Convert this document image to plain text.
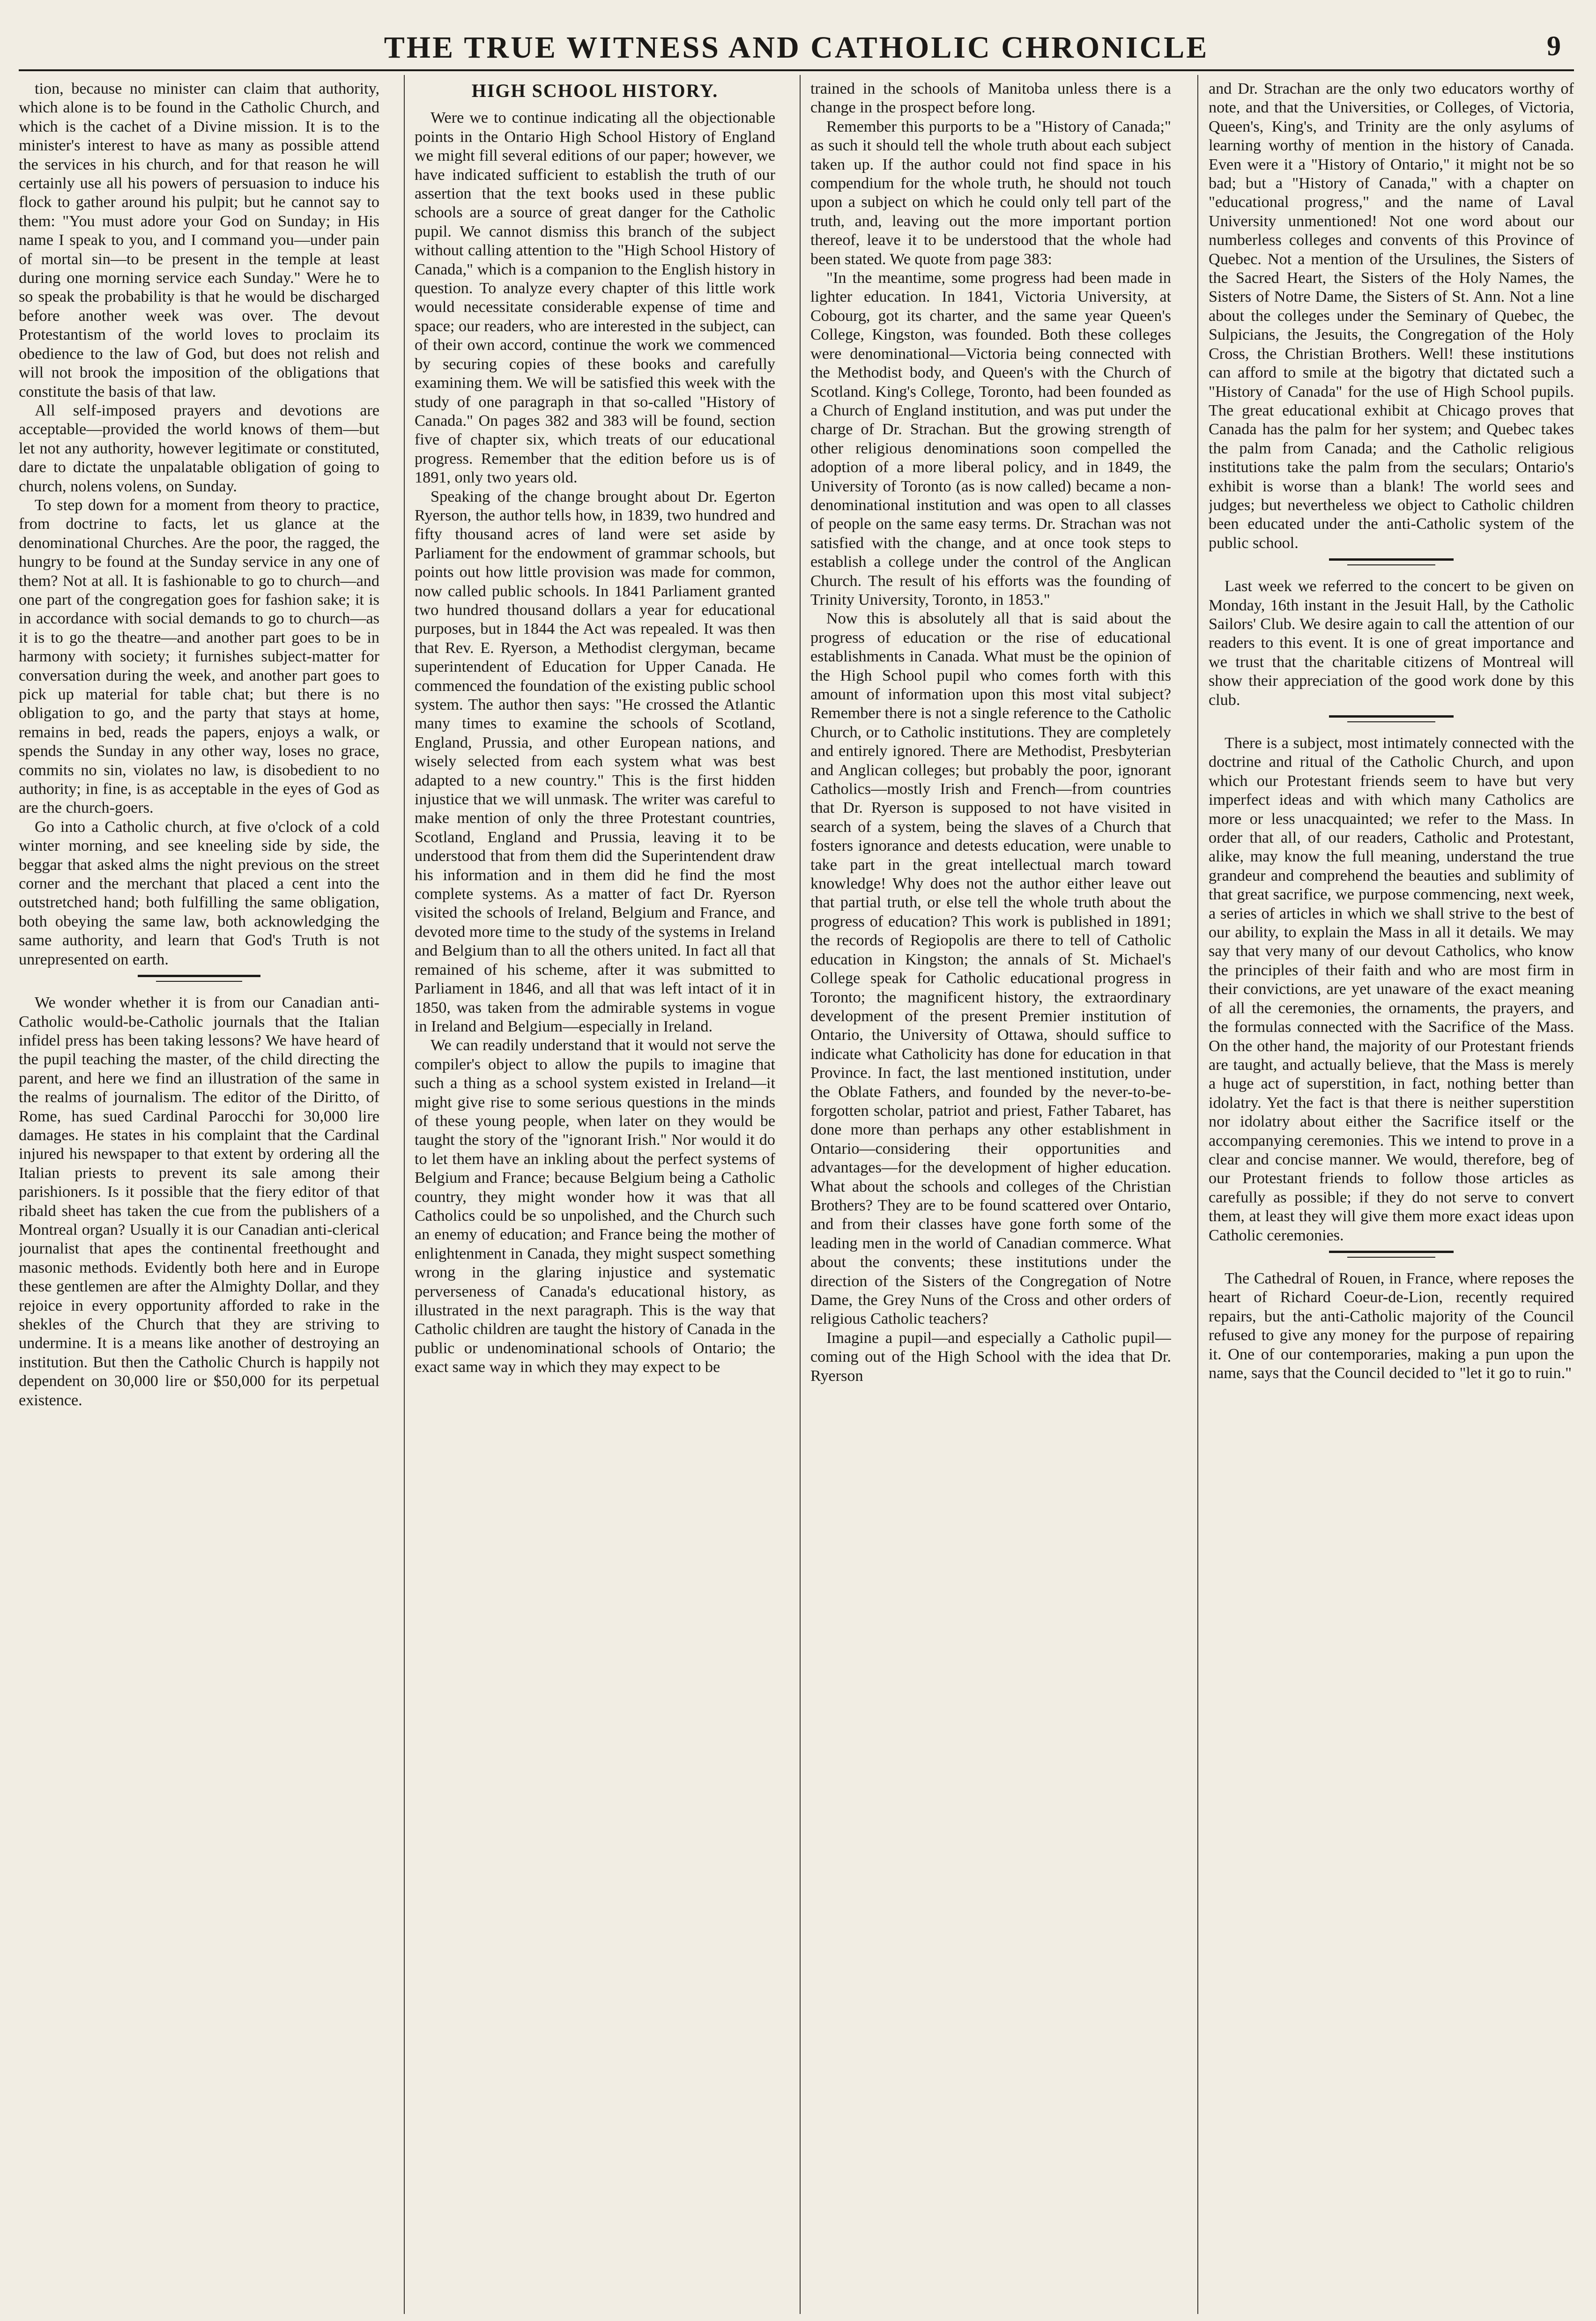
THE TRUE WITNESS AND CATHOLIC CHRONICLE	9

tion, because no minister can claim that authority, which alone is to be found in the Catholic Church, and which is the cachet of a Divine mission. It is to the minister's interest to have as many as possible attend the services in his church, and for that reason he will certainly use all his powers of persuasion to induce his flock to gather around his pulpit; but he cannot say to them: "You must adore your God on Sunday; in His name I speak to you, and I command you—under pain of mortal sin—to be present in the temple at least during one morning service each Sunday." Were he to so speak the probability is that he would be discharged before another week was over. The devout Protestantism of the world loves to proclaim its obedience to the law of God, but does not relish and will not brook the imposition of the obligations that constitute the basis of that law.

All self-imposed prayers and devotions are acceptable—provided the world knows of them—but let not any authority, however legitimate or constituted, dare to dictate the unpalatable obligation of going to church, nolens volens, on Sunday.

To step down for a moment from theory to practice, from doctrine to facts, let us glance at the denominational Churches. Are the poor, the ragged, the hungry to be found at the Sunday service in any one of them? Not at all. It is fashionable to go to church—and one part of the congregation goes for fashion sake; it is in accordance with social demands to go to church—as it is to go the theatre—and another part goes to be in harmony with society; it furnishes subject-matter for conversation during the week, and another part goes to pick up material for table chat; but there is no obligation to go, and the party that stays at home, remains in bed, reads the papers, enjoys a walk, or spends the Sunday in any other way, loses no grace, commits no sin, violates no law, is disobedient to no authority; in fine, is as acceptable in the eyes of God as are the church-goers.

Go into a Catholic church, at five o'clock of a cold winter morning, and see kneeling side by side, the beggar that asked alms the night previous on the street corner and the merchant that placed a cent into the outstretched hand; both fulfilling the same obligation, both obeying the same law, both acknowledging the same authority, and learn that God's Truth is not unrepresented on earth.

We wonder whether it is from our Canadian anti-Catholic would-be-Catholic journals that the Italian infidel press has been taking lessons? We have heard of the pupil teaching the master, of the child directing the parent, and here we find an illustration of the same in the realms of journalism. The editor of the Diritto, of Rome, has sued Cardinal Parocchi for 30,000 lire damages. He states in his complaint that the Cardinal injured his newspaper to that extent by ordering all the Italian priests to prevent its sale among their parishioners. Is it possible that the fiery editor of that ribald sheet has taken the cue from the publishers of a Montreal organ? Usually it is our Canadian anti-clerical journalist that apes the continental freethought and masonic methods. Evidently both here and in Europe these gentlemen are after the Almighty Dollar, and they rejoice in every opportunity afforded to rake in the shekles of the Church that they are striving to undermine. It is a means like another of destroying an institution. But then the Catholic Church is happily not dependent on 30,000 lire or $50,000 for its perpetual existence.

HIGH SCHOOL HISTORY.

Were we to continue indicating all the objectionable points in the Ontario High School History of England we might fill several editions of our paper; however, we have indicated sufficient to establish the truth of our assertion that the text books used in these public schools are a source of great danger for the Catholic pupil. We cannot dismiss this branch of the subject without calling attention to the "High School History of Canada," which is a companion to the English history in question. To analyze every chapter of this little work would necessitate considerable expense of time and space; our readers, who are interested in the subject, can of their own accord, continue the work we commenced by securing copies of these books and carefully examining them. We will be satisfied this week with the study of one paragraph in that so-called "History of Canada." On pages 382 and 383 will be found, section five of chapter six, which treats of our educational progress. Remember that the edition before us is of 1891, only two years old.

Speaking of the change brought about Dr. Egerton Ryerson, the author tells how, in 1839, two hundred and fifty thousand acres of land were set aside by Parliament for the endowment of grammar schools, but points out how little provision was made for common, now called public schools. In 1841 Parliament granted two hundred thousand dollars a year for educational purposes, but in 1844 the Act was repealed. It was then that Rev. E. Ryerson, a Methodist clergyman, became superintendent of Education for Upper Canada. He commenced the foundation of the existing public school system. The author then says: "He crossed the Atlantic many times to examine the schools of Scotland, England, Prussia, and other European nations, and wisely selected from each system what was best adapted to a new country." This is the first hidden injustice that we will unmask. The writer was careful to make mention of only the three Protestant countries, Scotland, England and Prussia, leaving it to be understood that from them did the Superintendent draw his information and in them did he find the most complete systems. As a matter of fact Dr. Ryerson visited the schools of Ireland, Belgium and France, and devoted more time to the study of the systems in Ireland and Belgium than to all the others united. In fact all that remained of his scheme, after it was submitted to Parliament in 1846, and all that was left intact of it in 1850, was taken from the admirable systems in vogue in Ireland and Belgium—especially in Ireland.

We can readily understand that it would not serve the compiler's object to allow the pupils to imagine that such a thing as a school system existed in Ireland—it might give rise to some serious questions in the minds of these young people, when later on they would be taught the story of the "ignorant Irish." Nor would it do to let them have an inkling about the perfect systems of Belgium and France; because Belgium being a Catholic country, they might wonder how it was that all Catholics could be so unpolished, and the Church such an enemy of education; and France being the mother of enlightenment in Canada, they might suspect something wrong in the glaring injustice and systematic perverseness of Canada's educational history, as illustrated in the next paragraph. This is the way that Catholic children are taught the history of Canada in the public or undenominational schools of Ontario; the exact same way in which they may expect to be

trained in the schools of Manitoba unless there is a change in the prospect before long.

Remember this purports to be a "History of Canada;" as such it should tell the whole truth about each subject taken up. If the author could not find space in his compendium for the whole truth, he should not touch upon a subject on which he could only tell part of the truth, and, leaving out the more important portion thereof, leave it to be understood that the whole had been stated. We quote from page 383:

"In the meantime, some progress had been made in lighter education. In 1841, Victoria University, at Cobourg, got its charter, and the same year Queen's College, Kingston, was founded. Both these colleges were denominational—Victoria being connected with the Methodist body, and Queen's with the Church of Scotland. King's College, Toronto, had been founded as a Church of England institution, and was put under the charge of Dr. Strachan. But the growing strength of other religious denominations soon compelled the adoption of a more liberal policy, and in 1849, the University of Toronto (as is now called) became a non-denominational institution and was open to all classes of people on the same easy terms. Dr. Strachan was not satisfied with the change, and at once took steps to establish a college under the control of the Anglican Church. The result of his efforts was the founding of Trinity University, Toronto, in 1853."

Now this is absolutely all that is said about the progress of education or the rise of educational establishments in Canada. What must be the opinion of the High School pupil who comes forth with this amount of information upon this most vital subject? Remember there is not a single reference to the Catholic Church, or to Catholic institutions. They are completely and entirely ignored. There are Methodist, Presbyterian and Anglican colleges; but probably the poor, ignorant Catholics—mostly Irish and French—from countries that Dr. Ryerson is supposed to not have visited in search of a system, being the slaves of a Church that fosters ignorance and detests education, were unable to take part in the great intellectual march toward knowledge! Why does not the author either leave out that partial truth, or else tell the whole truth about the progress of education? This work is published in 1891; the records of Regiopolis are there to tell of Catholic education in Kingston; the annals of St. Michael's College speak for Catholic educational progress in Toronto; the magnificent history, the extraordinary development of the present Premier institution of Ontario, the University of Ottawa, should suffice to indicate what Catholicity has done for education in that Province. In fact, the last mentioned institution, under the Oblate Fathers, and founded by the never-to-be-forgotten scholar, patriot and priest, Father Tabaret, has done more than perhaps any other establishment in Ontario—considering their opportunities and advantages—for the development of higher education. What about the schools and colleges of the Christian Brothers? They are to be found scattered over Ontario, and from their classes have gone forth some of the leading men in the world of Canadian commerce. What about the convents; these institutions under the direction of the Sisters of the Congregation of Notre Dame, the Grey Nuns of the Cross and other orders of religious Catholic teachers?

Imagine a pupil—and especially a Catholic pupil—coming out of the High School with the idea that Dr. Ryerson

and Dr. Strachan are the only two educators worthy of note, and that the Universities, or Colleges, of Victoria, Queen's, King's, and Trinity are the only asylums of learning worthy of mention in the history of Canada. Even were it a "History of Ontario," it might not be so bad; but a "History of Canada," with a chapter on "educational progress," and the name of Laval University unmentioned! Not one word about our numberless colleges and convents of this Province of Quebec. Not a mention of the Ursulines, the Sisters of the Sacred Heart, the Sisters of the Holy Names, the Sisters of Notre Dame, the Sisters of St. Ann. Not a line about the colleges under the Seminary of Quebec, the Sulpicians, the Jesuits, the Congregation of the Holy Cross, the Christian Brothers. Well! these institutions can afford to smile at the bigotry that dictated such a "History of Canada" for the use of High School pupils. The great educational exhibit at Chicago proves that Canada has the palm for her system; and Quebec takes the palm from Canada; and the Catholic religious institutions take the palm from the seculars; Ontario's exhibit is worse than a blank! The world sees and judges; but nevertheless we object to Catholic children been educated under the anti-Catholic system of the public school.

Last week we referred to the concert to be given on Monday, 16th instant in the Jesuit Hall, by the Catholic Sailors' Club. We desire again to call the attention of our readers to this event. It is one of great importance and we trust that the charitable citizens of Montreal will show their appreciation of the good work done by this club.

There is a subject, most intimately connected with the doctrine and ritual of the Catholic Church, and upon which our Protestant friends seem to have but very imperfect ideas and with which many Catholics are more or less unacquainted; we refer to the Mass. In order that all, of our readers, Catholic and Protestant, alike, may know the full meaning, understand the true grandeur and comprehend the beauties and sublimity of that great sacrifice, we purpose commencing, next week, a series of articles in which we shall strive to the best of our ability, to explain the Mass in all it details. We may say that very many of our devout Catholics, who know the principles of their faith and who are most firm in their convictions, are yet unaware of the exact meaning of all the ceremonies, the ornaments, the prayers, and the formulas connected with the Sacrifice of the Mass. On the other hand, the majority of our Protestant friends are taught, and actually believe, that the Mass is merely a huge act of superstition, in fact, nothing better than idolatry. Yet the fact is that there is neither superstition nor idolatry about either the Sacrifice itself or the accompanying ceremonies. This we intend to prove in a clear and concise manner. We would, therefore, beg of our Protestant friends to follow those articles as carefully as possible; if they do not serve to convert them, at least they will give them more exact ideas upon Catholic ceremonies.

The Cathedral of Rouen, in France, where reposes the heart of Richard Coeur-de-Lion, recently required repairs, but the anti-Catholic majority of the Council refused to give any money for the purpose of repairing it. One of our contemporaries, making a pun upon the name, says that the Council decided to "let it go to ruin."
